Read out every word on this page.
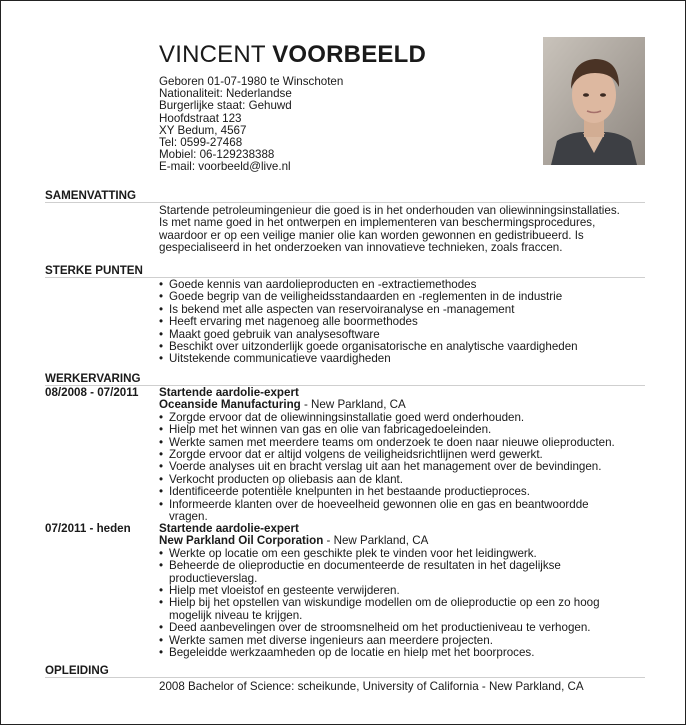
VINCENT VOORBEELD
Geboren 01-07-1980 te Winschoten
Nationaliteit: Nederlandse
Burgerlijke staat: Gehuwd
Hoofdstraat 123
XY Bedum, 4567
Tel: 0599-27468
Mobiel: 06-129238388
E-mail: voorbeeld@live.nl
SAMENVATTING
Startende petroleumingenieur die goed is in het onderhouden van oliewinningsinstallaties.
Is met name goed in het ontwerpen en implementeren van beschermingsprocedures,
waardoor er op een veilige manier olie kan worden gewonnen en gedistribueerd. Is
gespecialiseerd in het onderzoeken van innovatieve technieken, zoals fraccen.
STERKE PUNTEN
• Goede kennis van aardolieproducten en -extractiemethodes
• Goede begrip van de veiligheidsstandaarden en -reglementen in de industrie
• Is bekend met alle aspecten van reservoiranalyse en -management
• Heeft ervaring met nagenoeg alle boormethodes
• Maakt goed gebruik van analysesoftware
• Beschikt over uitzonderlijk goede organisatorische en analytische vaardigheden
• Uitstekende communicatieve vaardigheden
WERKERVARING
08/2008 - 07/2011 Startende aardolie-expert
Oceanside Manufacturing - New Parkland, CA
• Zorgde ervoor dat de oliewinningsinstallatie goed werd onderhouden.
• Hielp met het winnen van gas en olie van fabricagedoeleinden.
• Werkte samen met meerdere teams om onderzoek te doen naar nieuwe olieproducten.
• Zorgde ervoor dat er altijd volgens de veiligheidsrichtlijnen werd gewerkt.
• Voerde analyses uit en bracht verslag uit aan het management over de bevindingen.
• Verkocht producten op oliebasis aan de klant.
• Identificeerde potentiële knelpunten in het bestaande productieproces.
• Informeerde klanten over de hoeveelheid gewonnen olie en gas en beantwoordde
vragen.
07/2011 - heden Startende aardolie-expert
New Parkland Oil Corporation - New Parkland, CA
• Werkte op locatie om een geschikte plek te vinden voor het leidingwerk.
• Beheerde de olieproductie en documenteerde de resultaten in het dagelijkse
productieverslag.
• Hielp met vloeistof en gesteente verwijderen.
• Hielp bij het opstellen van wiskundige modellen om de olieproductie op een zo hoog
mogelijk niveau te krijgen.
• Deed aanbevelingen over de stroomsnelheid om het productieniveau te verhogen.
• Werkte samen met diverse ingenieurs aan meerdere projecten.
• Begeleidde werkzaamheden op de locatie en hielp met het boorproces.
OPLEIDING
2008 Bachelor of Science: scheikunde, University of California - New Parkland, CA
